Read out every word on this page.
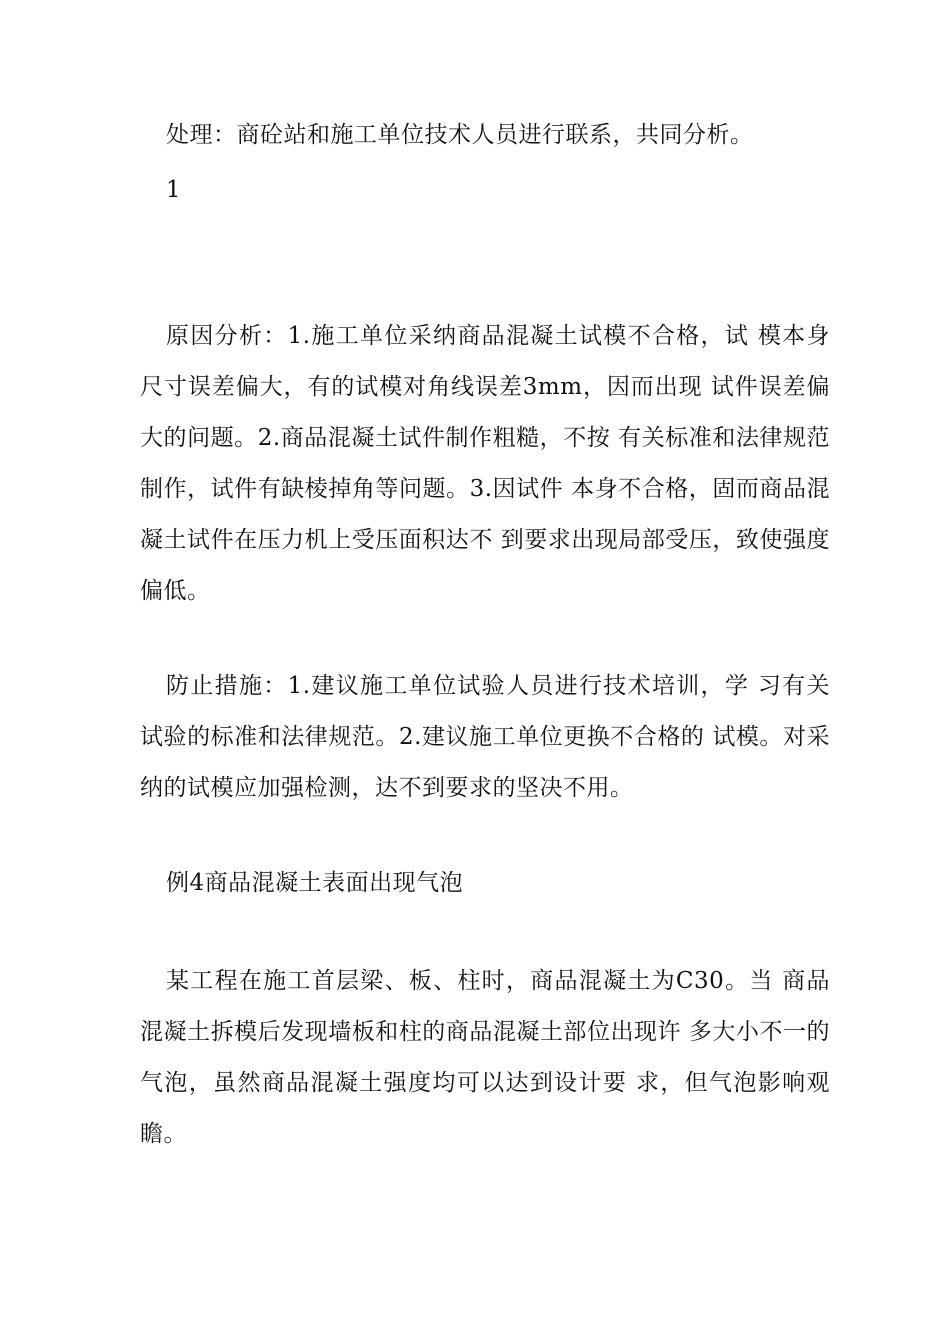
处理：商砼站和施工单位技术人员进行联系，共同分析。

1

原因分析：1.施工单位采纳商品混凝土试模不合格，试 模本身尺寸误差偏大，有的试模对角线误差3mm，因而出现 试件误差偏大的问题。2.商品混凝土试件制作粗糙，不按 有关标准和法律规范制作，试件有缺棱掉角等问题。3.因试件 本身不合格，固而商品混凝土试件在压力机上受压面积达不 到要求出现局部受压，致使强度偏低。

防止措施：1.建议施工单位试验人员进行技术培训，学 习有关试验的标准和法律规范。2.建议施工单位更换不合格的 试模。对采纳的试模应加强检测，达不到要求的坚决不用。

例4商品混凝土表面出现气泡

某工程在施工首层梁、板、柱时，商品混凝土为C30。当 商品混凝土拆模后发现墙板和柱的商品混凝土部位出现许 多大小不一的气泡，虽然商品混凝土强度均可以达到设计要 求，但气泡影响观瞻。
